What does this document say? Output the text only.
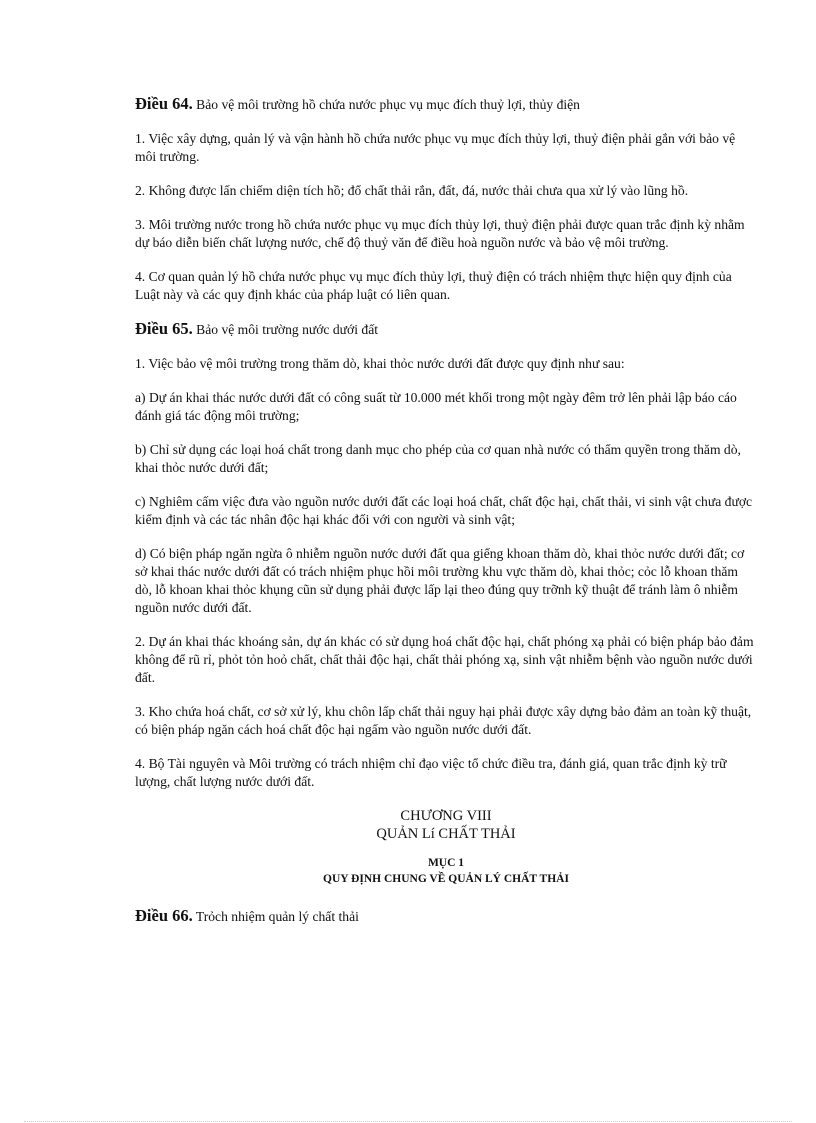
Điều 64. Bảo vệ môi trường hồ chứa nước phục vụ mục đích thuỷ lợi, thủy điện

1. Việc xây dựng, quản lý và vận hành hồ chứa nước phục vụ mục đích thủy lợi, thuỷ điện phải gắn với bảo vệ môi trường.

2. Không được lấn chiếm diện tích hồ; đổ chất thải rắn, đất, đá, nước thải chưa qua xử lý vào lũng hồ.

3. Môi trường nước trong hồ chứa nước phục vụ mục đích thủy lợi, thuỷ điện phải được quan trắc định kỳ nhằm dự báo diễn biến chất lượng nước, chế độ thuỷ văn để điều hoà nguồn nước và bảo vệ môi trường.

4. Cơ quan quản lý hồ chứa nước phục vụ mục đích thủy lợi, thuỷ điện có trách nhiệm thực hiện quy định của Luật này và các quy định khác của pháp luật có liên quan.

Điều 65. Bảo vệ môi trường nước dưới đất

1. Việc bảo vệ môi trường trong thăm dò, khai thỏc nước dưới đất được quy định như sau:

a) Dự án khai thác nước dưới đất có công suất từ 10.000 mét khối trong một ngày đêm trở lên phải lập báo cáo đánh giá tác động môi trường;

b) Chỉ sử dụng các loại hoá chất trong danh mục cho phép của cơ quan nhà nước có thẩm quyền trong thăm dò, khai thỏc nước dưới đất;

c) Nghiêm cấm việc đưa vào nguồn nước dưới đất các loại hoá chất, chất độc hại, chất thải, vi sinh vật chưa được kiểm định và các tác nhân độc hại khác đối với con người và sinh vật;

d) Có biện pháp ngăn ngừa ô nhiễm nguồn nước dưới đất qua giếng khoan thăm dò, khai thỏc nước dưới đất; cơ sở khai thác nước dưới đất có trách nhiệm phục hồi môi trường khu vực thăm dò, khai thỏc; cỏc lỗ khoan thăm dò, lỗ khoan khai thỏc khụng cũn sử dụng phải được lấp lại theo đúng quy trỡnh kỹ thuật để tránh làm ô nhiễm nguồn nước dưới đất.

2. Dự án khai thác khoáng sản, dự án khác có sử dụng hoá chất độc hại, chất phóng xạ phải có biện pháp bảo đảm không để rũ rỉ, phỏt tỏn hoỏ chất, chất thải độc hại, chất thải phóng xạ, sinh vật nhiễm bệnh vào nguồn nước dưới đất.

3. Kho chứa hoá chất, cơ sở xử lý, khu chôn lấp chất thải nguy hại phải được xây dựng bảo đảm an toàn kỹ thuật, có biện pháp ngăn cách hoá chất độc hại ngấm vào nguồn nước dưới đất.

4. Bộ Tài nguyên và Môi trường có trách nhiệm chỉ đạo việc tổ chức điều tra, đánh giá, quan trắc định kỳ trữ lượng, chất lượng nước dưới đất.

CHƯƠNG VIII
QUẢN Lí CHẤT THẢI
MỤC 1
QUY ĐỊNH CHUNG VỀ QUẢN LÝ CHẤT THẢI
Điều 66. Trỏch nhiệm quản lý chất thải
